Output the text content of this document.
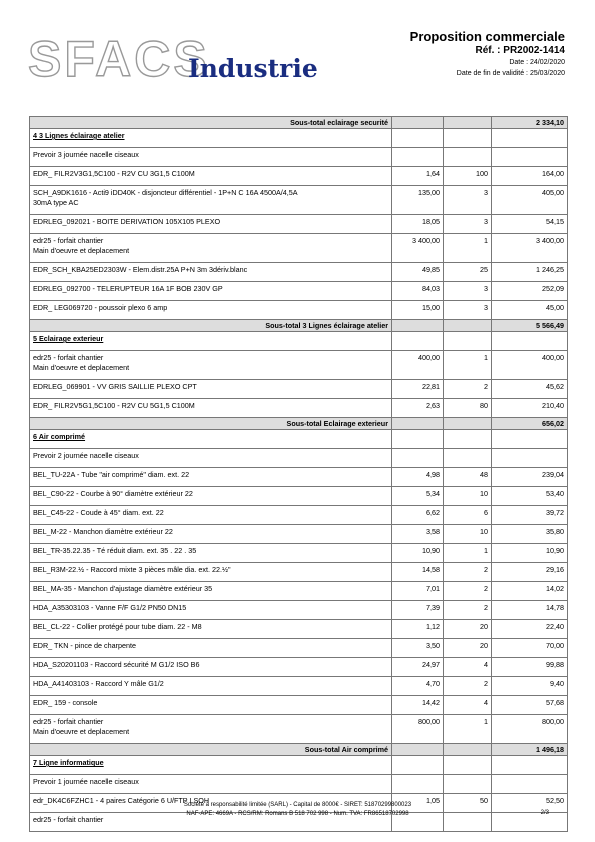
SFACS
Industrie
Proposition commerciale
Réf. : PR2002-1414
Date : 24/02/2020
Date de fin de validité : 25/03/2020
Sous-total eclairage securité			2 334,10

4 3 Lignes éclairage atelier			

Prevoir 3 journée nacelle ciseaux			

EDR_ FILR2V3G1,5C100 - R2V CU 3G1,5 C100M	1,64	100	164,00

SCH_A9DK1616 - Acti9 iDD40K - disjoncteur différentiel - 1P+N C 16A 4500A/4,5A
30mA type AC	135,00	3	405,00

EDRLEG_092021 - BOITE DERIVATION 105X105 PLEXO	18,05	3	54,15

edr25 - forfait chantier
Main d'oeuvre et deplacement	3 400,00	1	3 400,00

EDR_SCH_KBA25ED2303W - Elem.distr.25A P+N 3m 3dériv.blanc	49,85	25	1 246,25

EDRLEG_092700 - TELERUPTEUR 16A 1F BOB 230V GP	84,03	3	252,09

EDR_ LEG069720 - poussoir plexo 6 amp	15,00	3	45,00
Sous-total 3 Lignes éclairage atelier			5 566,49

5 Eclairage exterieur			

edr25 - forfait chantier
Main d'oeuvre et deplacement	400,00	1	400,00

EDRLEG_069901 - VV GRIS SAILLIE PLEXO CPT	22,81	2	45,62

EDR_ FILR2V5G1,5C100 - R2V CU 5G1,5 C100M	2,63	80	210,40
Sous-total Eclairage exterieur			656,02

6 Air comprimé			

Prevoir 2 journée nacelle ciseaux			

BEL_TU-22A - Tube "air comprimé" diam. ext. 22	4,98	48	239,04

BEL_C90-22 - Courbe à 90° diamètre extérieur 22	5,34	10	53,40

BEL_C45-22 - Coude à 45° diam. ext. 22	6,62	6	39,72

BEL_M-22 - Manchon diamètre extérieur 22	3,58	10	35,80

BEL_TR-35.22.35 - Té réduit diam. ext. 35 . 22 . 35	10,90	1	10,90

BEL_R3M-22.½ - Raccord mixte 3 pièces mâle dia. ext. 22.½"	14,58	2	29,16

BEL_MA-35 - Manchon d'ajustage diamètre extérieur 35	7,01	2	14,02

HDA_A35303103 - Vanne F/F G1/2 PN50 DN15	7,39	2	14,78

BEL_CL-22 - Collier protégé pour tube diam. 22 - M8	1,12	20	22,40

EDR_ TKN - pince de charpente	3,50	20	70,00

HDA_S20201103 - Raccord sécurité M G1/2 ISO B6	24,97	4	99,88

HDA_A41403103 - Raccord Y mâle G1/2	4,70	2	9,40

EDR_ 159 - console	14,42	4	57,68

edr25 - forfait chantier
Main d'oeuvre et deplacement	800,00	1	800,00
Sous-total Air comprimé			1 496,18

7 Ligne informatique			

Prevoir 1 journée nacelle ciseaux			

edr_DK4C6FZHC1 - 4 paires Catégorie 6 U/FTP LSOH	1,05	50	52,50

edr25 - forfait chantier			

Société à responsabilité limitée (SARL) - Capital de 8000€ - SIRET: 51870299800023
NAF-APE: 4669A - RCS/RM: Romans B 518 702 998 - Num. TVA: FR86518702998	2/3
